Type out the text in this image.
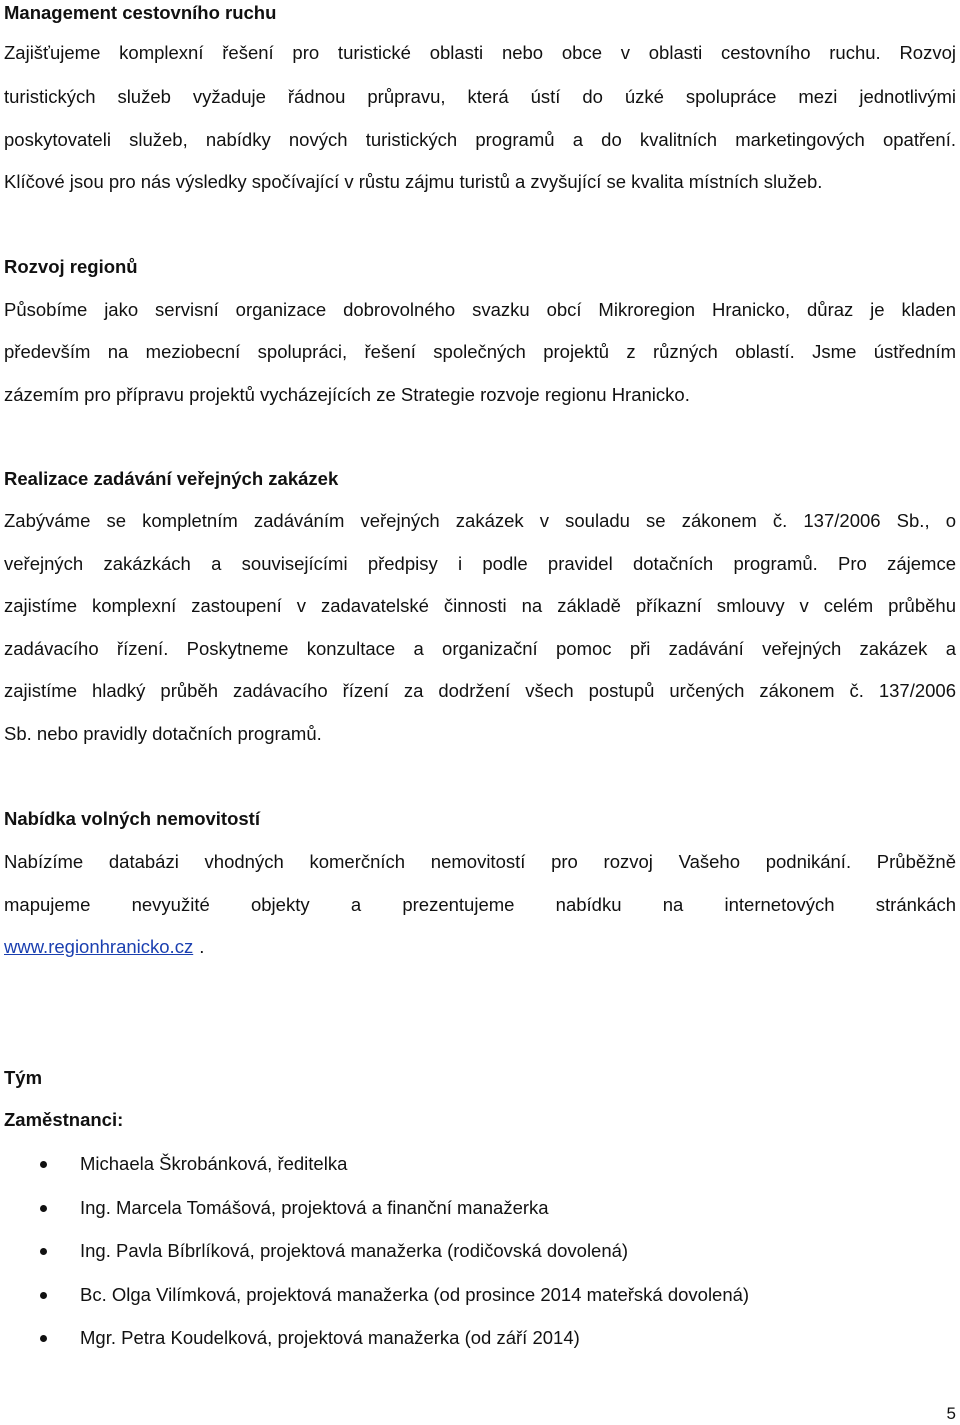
Management cestovního ruchu
Zajišťujeme komplexní řešení pro turistické oblasti nebo obce v oblasti cestovního ruchu. Rozvoj
turistických služeb vyžaduje řádnou průpravu, která ústí do úzké spolupráce mezi jednotlivými
poskytovateli služeb, nabídky nových turistických programů a do kvalitních marketingových opatření.
Klíčové jsou pro nás výsledky spočívající v růstu zájmu turistů a zvyšující se kvalita místních služeb.
Rozvoj regionů
Působíme jako servisní organizace dobrovolného svazku obcí Mikroregion Hranicko, důraz je kladen
především na meziobecní spolupráci, řešení společných projektů z různých oblastí. Jsme ústředním
zázemím pro přípravu projektů vycházejících ze Strategie rozvoje regionu Hranicko.
Realizace zadávání veřejných zakázek
Zabýváme se kompletním zadáváním veřejných zakázek v souladu se zákonem č. 137/2006 Sb., o
veřejných zakázkách a souvisejícími předpisy i podle pravidel dotačních programů. Pro zájemce
zajistíme komplexní zastoupení v zadavatelské činnosti na základě příkazní smlouvy v celém průběhu
zadávacího řízení. Poskytneme konzultace a organizační pomoc při zadávání veřejných zakázek a
zajistíme hladký průběh zadávacího řízení za dodržení všech postupů určených zákonem č. 137/2006
Sb. nebo pravidly dotačních programů.
Nabídka volných nemovitostí
Nabízíme databázi vhodných komerčních nemovitostí pro rozvoj Vašeho podnikání. Průběžně
mapujeme nevyužité objekty a prezentujeme nabídku na internetových stránkách
www.regionhranicko.cz .
Tým
Zaměstnanci:
Michaela Škrobánková, ředitelka
Ing. Marcela Tomášová, projektová a finanční manažerka
Ing. Pavla Bíbrlíková, projektová manažerka (rodičovská dovolená)
Bc. Olga Vilímková, projektová manažerka (od prosince 2014 mateřská dovolená)
Mgr. Petra Koudelková, projektová manažerka (od září 2014)
5
